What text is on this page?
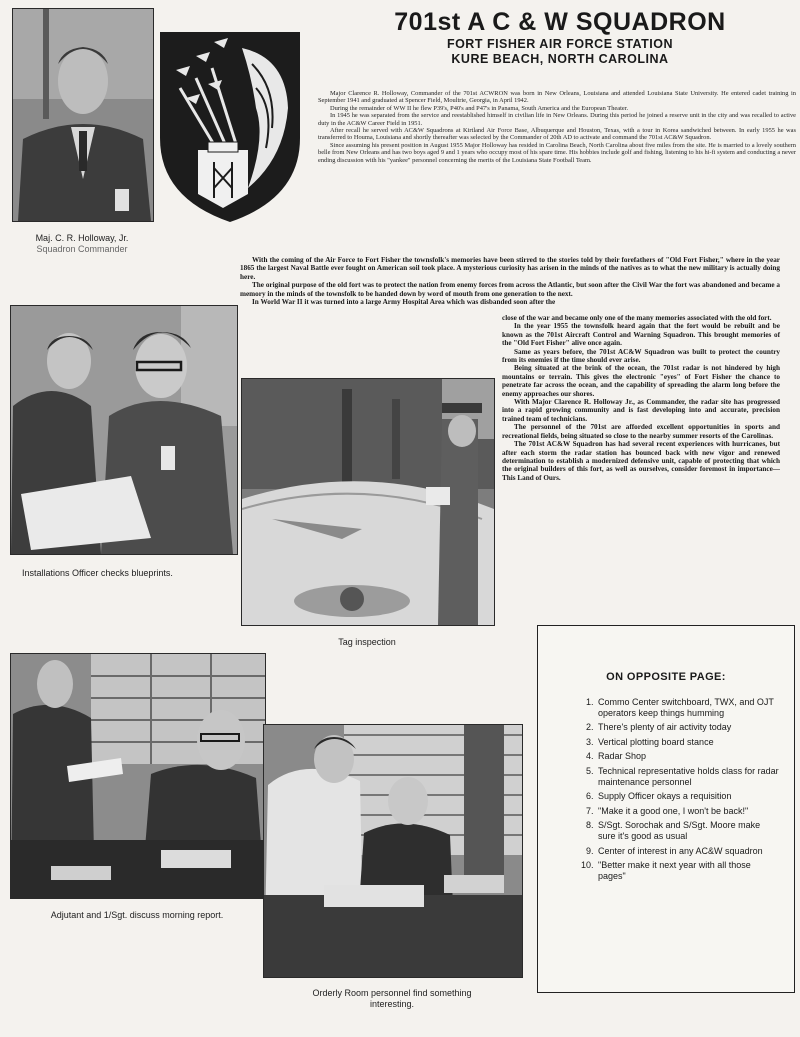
Maj. C. R. Holloway, Jr.
Squadron Commander
701st A C & W SQUADRON
FORT FISHER AIR FORCE STATION
KURE BEACH, NORTH CAROLINA

Major Clarence R. Holloway, Commander of the 701st ACWRON was born in New Orleans, Louisiana and attended Louisiana State University. He entered cadet training in September 1941 and graduated at Spencer Field, Moultrie, Georgia, in April 1942.

During the remainder of WW II he flew P39's, P40's and P47's in Panama, South America and the European Theater.

In 1945 he was separated from the service and reestablished himself in civilian life in New Orleans. During this period he joined a reserve unit in the city and was recalled to active duty in the AC&W Career Field in 1951.

After recall he served with AC&W Squadrons at Kirtland Air Force Base, Albuquerque and Houston, Texas, with a tour in Korea sandwiched between. In early 1955 he was transferred to Houma, Louisiana and shortly thereafter was selected by the Commander of 20th AD to activate and command the 701st AC&W Squadron.

Since assuming his present position in August 1955 Major Holloway has resided in Carolina Beach, North Carolina about five miles from the site. He is married to a lovely southern belle from New Orleans and has two boys aged 9 and 1 years who occupy most of his spare time. His hobbies include golf and fishing, listening to his hi-fi system and conducting a never ending discussion with his "yankee" personnel concerning the merits of the Louisiana State Football Team.

With the coming of the Air Force to Fort Fisher the townsfolk's memories have been stirred to the stories told by their forefathers of "Old Fort Fisher," where in the year 1865 the largest Naval Battle ever fought on American soil took place. A mysterious curiosity has arisen in the minds of the natives as to what the new military is actually doing here.

The original purpose of the old fort was to protect the nation from enemy forces from across the Atlantic, but soon after the Civil War the fort was abandoned and became a memory in the minds of the townsfolk to be handed down by word of mouth from one generation to the next.

In World War II it was turned into a large Army Hospital Area which was disbanded soon after the

close of the war and became only one of the many memories associated with the old fort.

In the year 1955 the townsfolk heard again that the fort would be rebuilt and be known as the 701st Aircraft Control and Warning Squadron. This brought memories of the "Old Fort Fisher" alive once again.

Same as years before, the 701st AC&W Squadron was built to protect the country from its enemies if the time should ever arise.

Being situated at the brink of the ocean, the 701st radar is not hindered by high mountains or terrain. This gives the electronic "eyes" of Fort Fisher the chance to penetrate far across the ocean, and the capability of spreading the alarm long before the enemy approaches our shores.

With Major Clarence R. Holloway Jr., as Commander, the radar site has progressed into a rapid growing community and is fast developing into and accurate, precision trained team of technicians.

The personnel of the 701st are afforded excellent opportunities in sports and recreational fields, being situated so close to the nearby summer resorts of the Carolinas.

The 701st AC&W Squadron has had several recent experiences with hurricanes, but after each storm the radar station has bounced back with new vigor and renewed determination to establish a modernized defensive unit, capable of protecting that which the original builders of this fort, as well as ourselves, consider foremost in importance—This Land of Ours.

Installations Officer checks blueprints.
Tag inspection
Adjutant and 1/Sgt. discuss morning report.
Orderly Room personnel find something
interesting.
ON OPPOSITE PAGE:
1. Commo Center switchboard, TWX, and OJT operators keep things humming
2. There's plenty of air activity today
3. Vertical plotting board stance
4. Radar Shop
5. Technical representative holds class for radar maintenance personnel
6. Supply Officer okays a requisition
7. "Make it a good one, I won't be back!"
8. S/Sgt. Sorochak and S/Sgt. Moore make sure it's good as usual
9. Center of interest in any AC&W squadron
10. "Better make it next year with all those pages"
